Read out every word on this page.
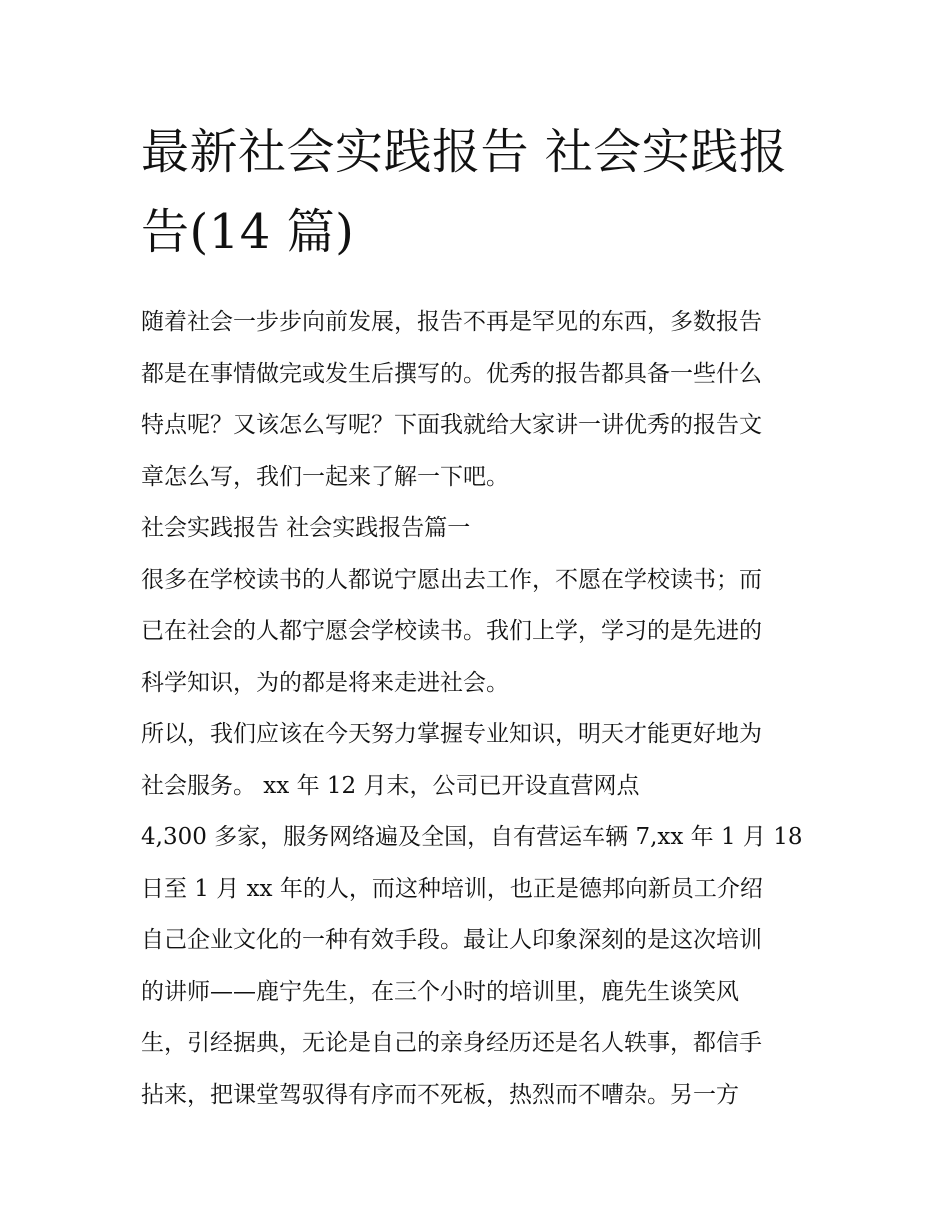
最新社会实践报告 社会实践报
告(14 篇)

随着社会一步步向前发展，报告不再是罕见的东西，多数报告

都是在事情做完或发生后撰写的。优秀的报告都具备一些什么

特点呢？又该怎么写呢？下面我就给大家讲一讲优秀的报告文

章怎么写，我们一起来了解一下吧。

社会实践报告 社会实践报告篇一

很多在学校读书的人都说宁愿出去工作，不愿在学校读书；而

已在社会的人都宁愿会学校读书。我们上学，学习的是先进的

科学知识，为的都是将来走进社会。

所以，我们应该在今天努力掌握专业知识，明天才能更好地为

社会服务。 xx 年 12 月末，公司已开设直营网点

4,300 多家，服务网络遍及全国，自有营运车辆 7,xx 年 1 月 18

日至 1 月 xx 年的人，而这种培训，也正是德邦向新员工介绍

自己企业文化的一种有效手段。最让人印象深刻的是这次培训

的讲师——鹿宁先生，在三个小时的培训里，鹿先生谈笑风

生，引经据典，无论是自己的亲身经历还是名人轶事，都信手

拈来，把课堂驾驭得有序而不死板，热烈而不嘈杂。另一方
